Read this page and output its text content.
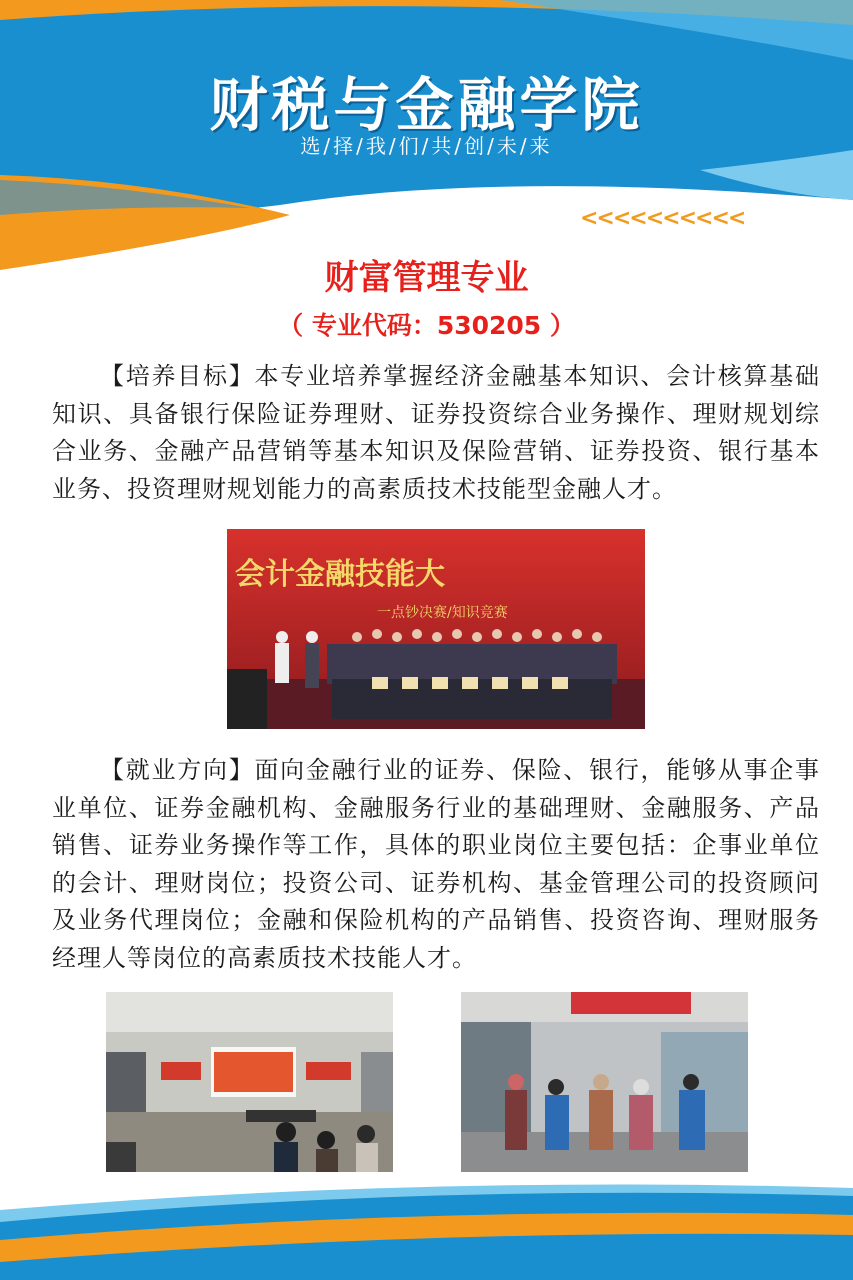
财税与金融学院
选/择/我/们/共/创/未/来
<<<<<<<<<<
财富管理专业
（ 专业代码：530205 ）
【培养目标】本专业培养掌握经济金融基本知识、会计核算基础知识、具备银行保险证券理财、证券投资综合业务操作、理财规划综合业务、金融产品营销等基本知识及保险营销、证券投资、银行基本业务、投资理财规划能力的高素质技术技能型金融人才。
会计金融技能大
一点钞决赛/知识竞赛
【就业方向】面向金融行业的证券、保险、银行，能够从事企事业单位、证券金融机构、金融服务行业的基础理财、金融服务、产品销售、证券业务操作等工作，具体的职业岗位主要包括：企事业单位的会计、理财岗位；投资公司、证券机构、基金管理公司的投资顾问及业务代理岗位；金融和保险机构的产品销售、投资咨询、理财服务经理人等岗位的高素质技术技能人才。
